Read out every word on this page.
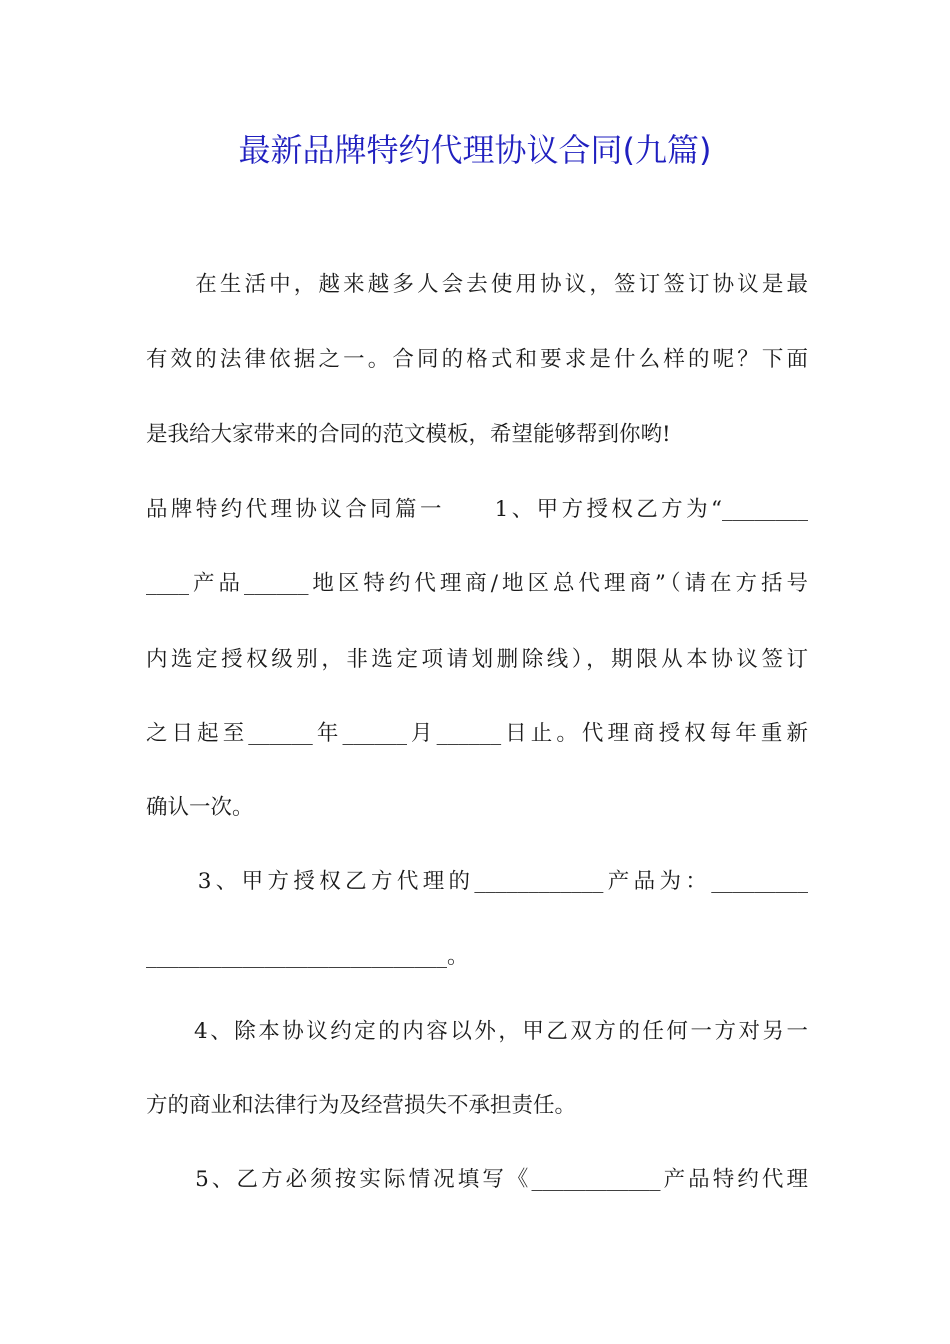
最新品牌特约代理协议合同(九篇)
　　在生活中，越来越多人会去使用协议，签订签订协议是最
有效的法律依据之一。合同的格式和要求是什么样的呢？下面
是我给大家带来的合同的范文模板，希望能够帮到你哟!
品牌特约代理协议合同篇一　　1、甲方授权乙方为“________
____产品______地区特约代理商/地区总代理商”（请在方括号
内选定授权级别，非选定项请划删除线），期限从本协议签订
之日起至______年______月______日止。代理商授权每年重新
确认一次。
　　3、甲方授权乙方代理的____________产品为：_________
____________________________。
　　4、除本协议约定的内容以外，甲乙双方的任何一方对另一
方的商业和法律行为及经营损失不承担责任。
　　5、乙方必须按实际情况填写《____________产品特约代理
